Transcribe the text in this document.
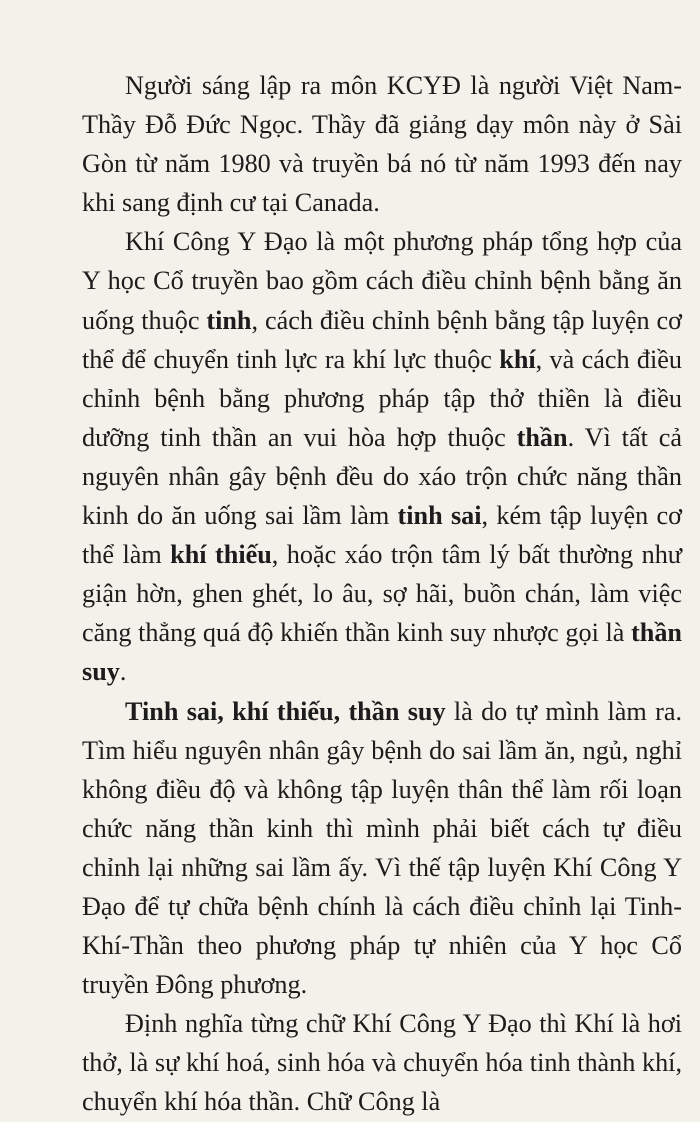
Người sáng lập ra môn KCYĐ là người Việt Nam- Thầy Đỗ Đức Ngọc. Thầy đã giảng dạy môn này ở Sài Gòn từ năm 1980 và truyền bá nó từ năm 1993 đến nay khi sang định cư tại Canada.

Khí Công Y Đạo là một phương pháp tổng hợp của Y học Cổ truyền bao gồm cách điều chỉnh bệnh bằng ăn uống thuộc tinh, cách điều chỉnh bệnh bằng tập luyện cơ thể để chuyển tinh lực ra khí lực thuộc khí, và cách điều chỉnh bệnh bằng phương pháp tập thở thiền là điều dưỡng tinh thần an vui hòa hợp thuộc thần. Vì tất cả nguyên nhân gây bệnh đều do xáo trộn chức năng thần kinh do ăn uống sai lầm làm tinh sai, kém tập luyện cơ thể làm khí thiếu, hoặc xáo trộn tâm lý bất thường như giận hờn, ghen ghét, lo âu, sợ hãi, buồn chán, làm việc căng thẳng quá độ khiến thần kinh suy nhược gọi là thần suy.

Tinh sai, khí thiếu, thần suy là do tự mình làm ra. Tìm hiểu nguyên nhân gây bệnh do sai lầm ăn, ngủ, nghỉ không điều độ và không tập luyện thân thể làm rối loạn chức năng thần kinh thì mình phải biết cách tự điều chỉnh lại những sai lầm ấy. Vì thế tập luyện Khí Công Y Đạo để tự chữa bệnh chính là cách điều chỉnh lại Tinh-Khí-Thần theo phương pháp tự nhiên của Y học Cổ truyền Đông phương.

Định nghĩa từng chữ Khí Công Y Đạo thì Khí là hơi thở, là sự khí hoá, sinh hóa và chuyển hóa tinh thành khí, chuyển khí hóa thần. Chữ Công là
